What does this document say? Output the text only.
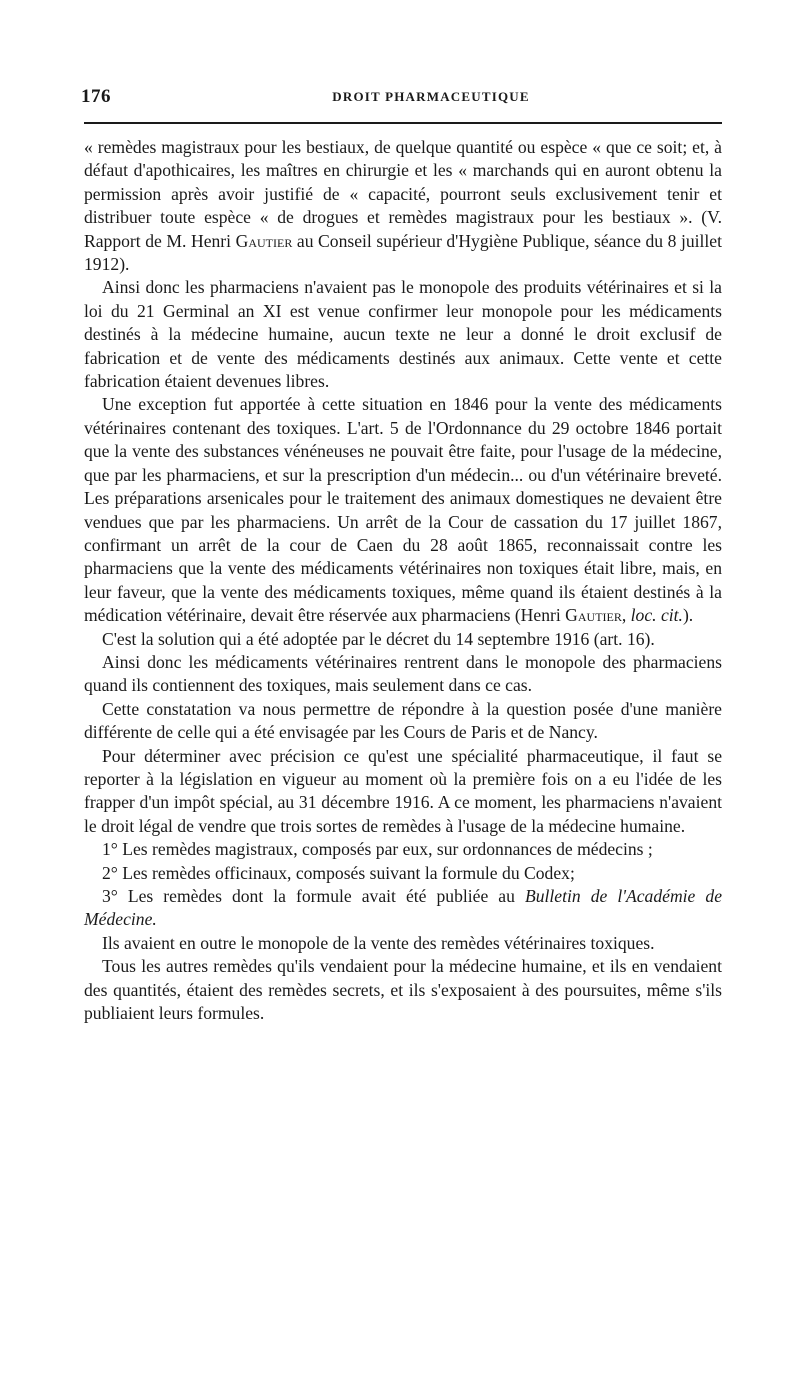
176	DROIT PHARMACEUTIQUE

« remèdes magistraux pour les bestiaux, de quelque quantité ou espèce « que ce soit; et, à défaut d'apothicaires, les maîtres en chirurgie et les « marchands qui en auront obtenu la permission après avoir justifié de « capacité, pourront seuls exclusivement tenir et distribuer toute espèce « de drogues et remèdes magistraux pour les bestiaux ». (V. Rapport de M. Henri Gautier au Conseil supérieur d'Hygiène Publique, séance du 8 juillet 1912).

Ainsi donc les pharmaciens n'avaient pas le monopole des produits vétérinaires et si la loi du 21 Germinal an XI est venue confirmer leur monopole pour les médicaments destinés à la médecine humaine, aucun texte ne leur a donné le droit exclusif de fabrication et de vente des médicaments destinés aux animaux. Cette vente et cette fabrication étaient devenues libres.

Une exception fut apportée à cette situation en 1846 pour la vente des médicaments vétérinaires contenant des toxiques. L'art. 5 de l'Ordonnance du 29 octobre 1846 portait que la vente des substances vénéneuses ne pouvait être faite, pour l'usage de la médecine, que par les pharmaciens, et sur la prescription d'un médecin... ou d'un vétérinaire breveté. Les préparations arsenicales pour le traitement des animaux domestiques ne devaient être vendues que par les pharmaciens. Un arrêt de la Cour de cassation du 17 juillet 1867, confirmant un arrêt de la cour de Caen du 28 août 1865, reconnaissait contre les pharmaciens que la vente des médicaments vétérinaires non toxiques était libre, mais, en leur faveur, que la vente des médicaments toxiques, même quand ils étaient destinés à la médication vétérinaire, devait être réservée aux pharmaciens (Henri Gautier, loc. cit.).

C'est la solution qui a été adoptée par le décret du 14 septembre 1916 (art. 16).

Ainsi donc les médicaments vétérinaires rentrent dans le monopole des pharmaciens quand ils contiennent des toxiques, mais seulement dans ce cas.

Cette constatation va nous permettre de répondre à la question posée d'une manière différente de celle qui a été envisagée par les Cours de Paris et de Nancy.

Pour déterminer avec précision ce qu'est une spécialité pharmaceutique, il faut se reporter à la législation en vigueur au moment où la première fois on a eu l'idée de les frapper d'un impôt spécial, au 31 décembre 1916. A ce moment, les pharmaciens n'avaient le droit légal de vendre que trois sortes de remèdes à l'usage de la médecine humaine.

1° Les remèdes magistraux, composés par eux, sur ordonnances de médecins ;

2° Les remèdes officinaux, composés suivant la formule du Codex;

3° Les remèdes dont la formule avait été publiée au Bulletin de l'Académie de Médecine.

Ils avaient en outre le monopole de la vente des remèdes vétérinaires toxiques.

Tous les autres remèdes qu'ils vendaient pour la médecine humaine, et ils en vendaient des quantités, étaient des remèdes secrets, et ils s'exposaient à des poursuites, même s'ils publiaient leurs formules.
